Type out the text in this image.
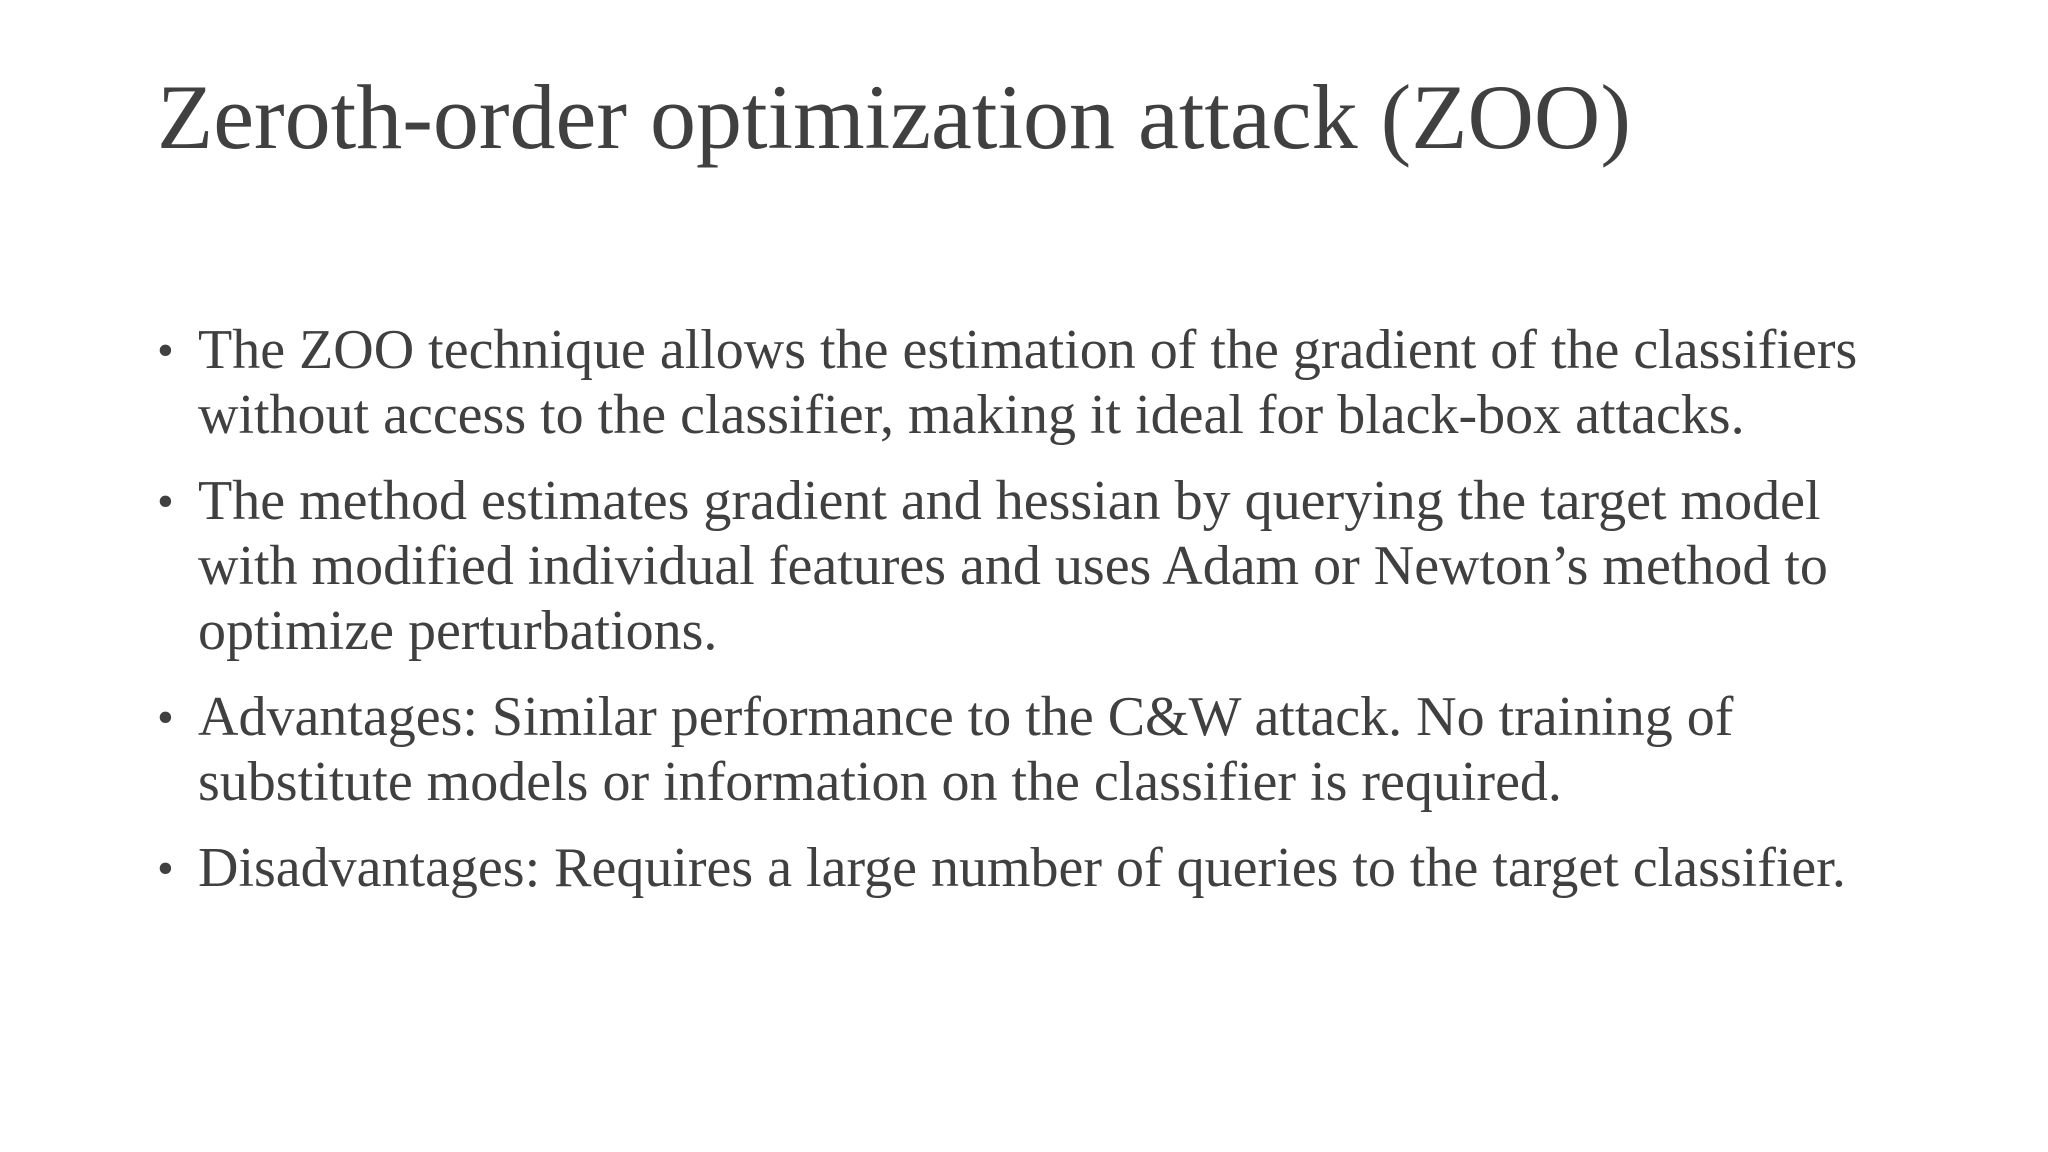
Zeroth-order optimization attack (ZOO)
• The ZOO technique allows the estimation of the gradient of the classifiers without access to the classifier, making it ideal for black-box attacks.
• The method estimates gradient and hessian by querying the target model with modified individual features and uses Adam or Newton’s method to optimize perturbations.
• Advantages: Similar performance to the C&W attack. No training of substitute models or information on the classifier is required.
• Disadvantages: Requires a large number of queries to the target classifier.
